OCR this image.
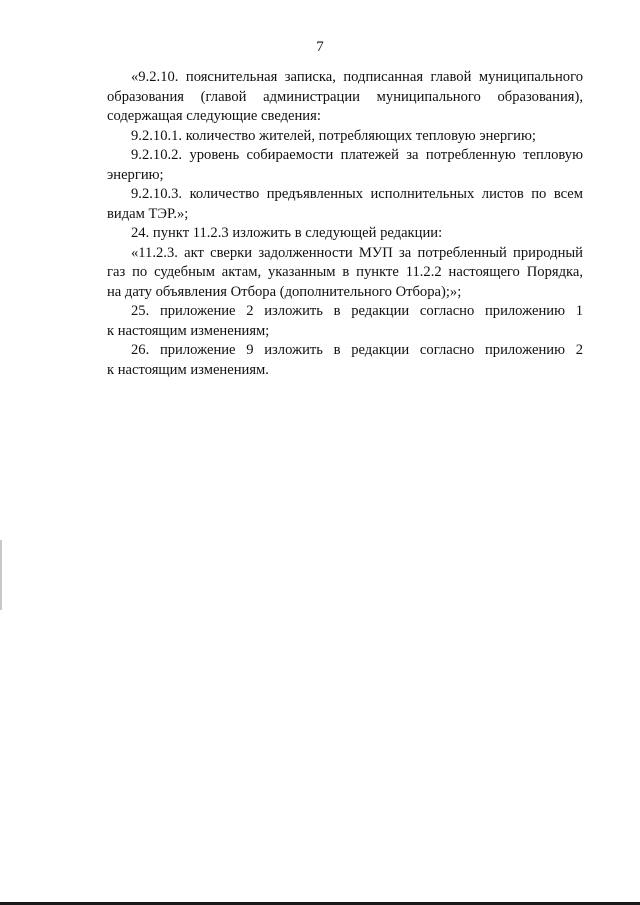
7

«9.2.10. пояснительная записка, подписанная главой муниципального
образования (главой администрации муниципального образования),
содержащая следующие сведения:

9.2.10.1. количество жителей, потребляющих тепловую энергию;

9.2.10.2. уровень собираемости платежей за потребленную тепловую
энергию;

9.2.10.3. количество предъявленных исполнительных листов по всем
видам ТЭР.»;

24. пункт 11.2.3 изложить в следующей редакции:

«11.2.3. акт сверки задолженности МУП за потребленный природный
газ по судебным актам, указанным в пункте 11.2.2 настоящего Порядка,
на дату объявления Отбора (дополнительного Отбора);»;

25. приложение 2 изложить в редакции согласно приложению 1
к настоящим изменениям;

26. приложение 9 изложить в редакции согласно приложению 2
к настоящим изменениям.
